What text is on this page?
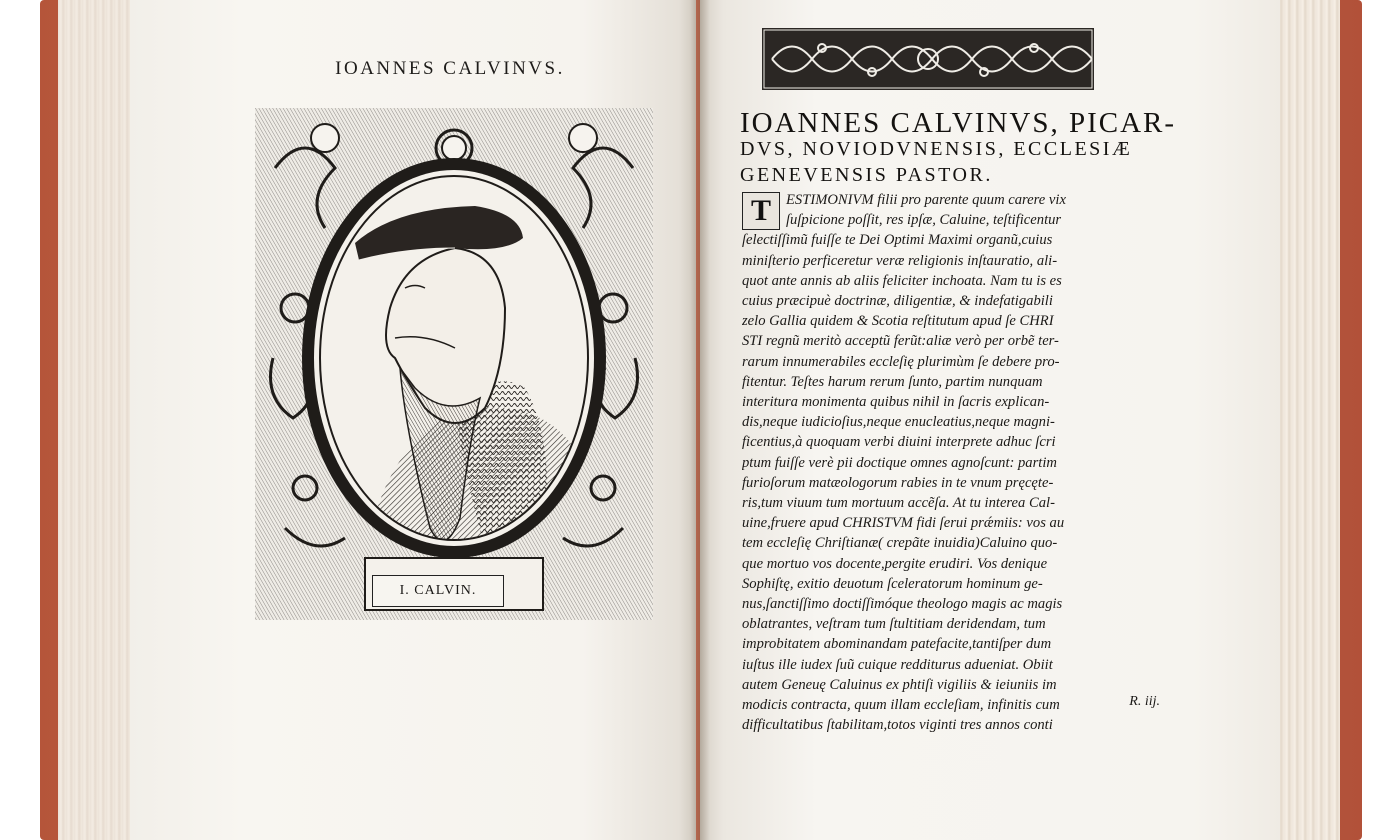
IOANNES CALVINVS.
I. CALVIN.
IOANNES CALVINVS, PICAR-
DVS, NOVIODVNENSIS, ECCLESIÆ
GENEVENSIS PASTOR.
T	ESTIMONIVM filii pro parente quum carere vix
ſuſpicione poſſit, res ipſæ, Caluine, teſtificentur
ſelectiſſimũ fuiſſe te Dei Optimi Maximi organũ,cuius
miniſterio perficeretur veræ religionis inſtauratio, ali-
quot ante annis ab aliis feliciter inchoata. Nam tu is es
cuius præcipuè doctrinæ, diligentiæ, & indefatigabili
zelo Gallia quidem & Scotia reſtitutum apud ſe CHRI
STI regnũ meritò acceptũ ferũt:aliæ verò per orbẽ ter-
rarum innumerabiles eccleſię plurimùm ſe debere pro-
fitentur. Teſtes harum rerum ſunto, partim nunquam
interitura monimenta quibus nihil in ſacris explican-
dis,neque iudicioſius,neque enucleatius,neque magni-
ficentius,à quoquam verbi diuini interprete adhuc ſcri
ptum fuiſſe verè pii doctique omnes agnoſcunt: partim
furioſorum matæologorum rabies in te vnum pręcęte-
ris,tum viuum tum mortuum accẽſa. At tu interea Cal-
uine,fruere apud CHRISTVM fidi ſerui prǽmiis: vos au
tem eccleſię Chriſtianæ( crepãte inuidia)Caluino quo-
que mortuo vos docente,pergite erudiri. Vos denique
Sophiſtę, exitio deuotum ſceleratorum hominum ge-
nus,ſanctiſſimo doctiſſimóque theologo magis ac magis
oblatrantes, veſtram tum ſtultitiam deridendam, tum
improbitatem abominandam patefacite,tantiſper dum
iuſtus ille iudex ſuũ cuique redditurus adueniat. Obiit
autem Geneuę Caluinus ex phtiſi vigiliis & ieiuniis im
modicis contracta, quum illam eccleſiam, infinitis cum
difficultatibus ſtabilitam,totos viginti tres annos conti
R. iij.
